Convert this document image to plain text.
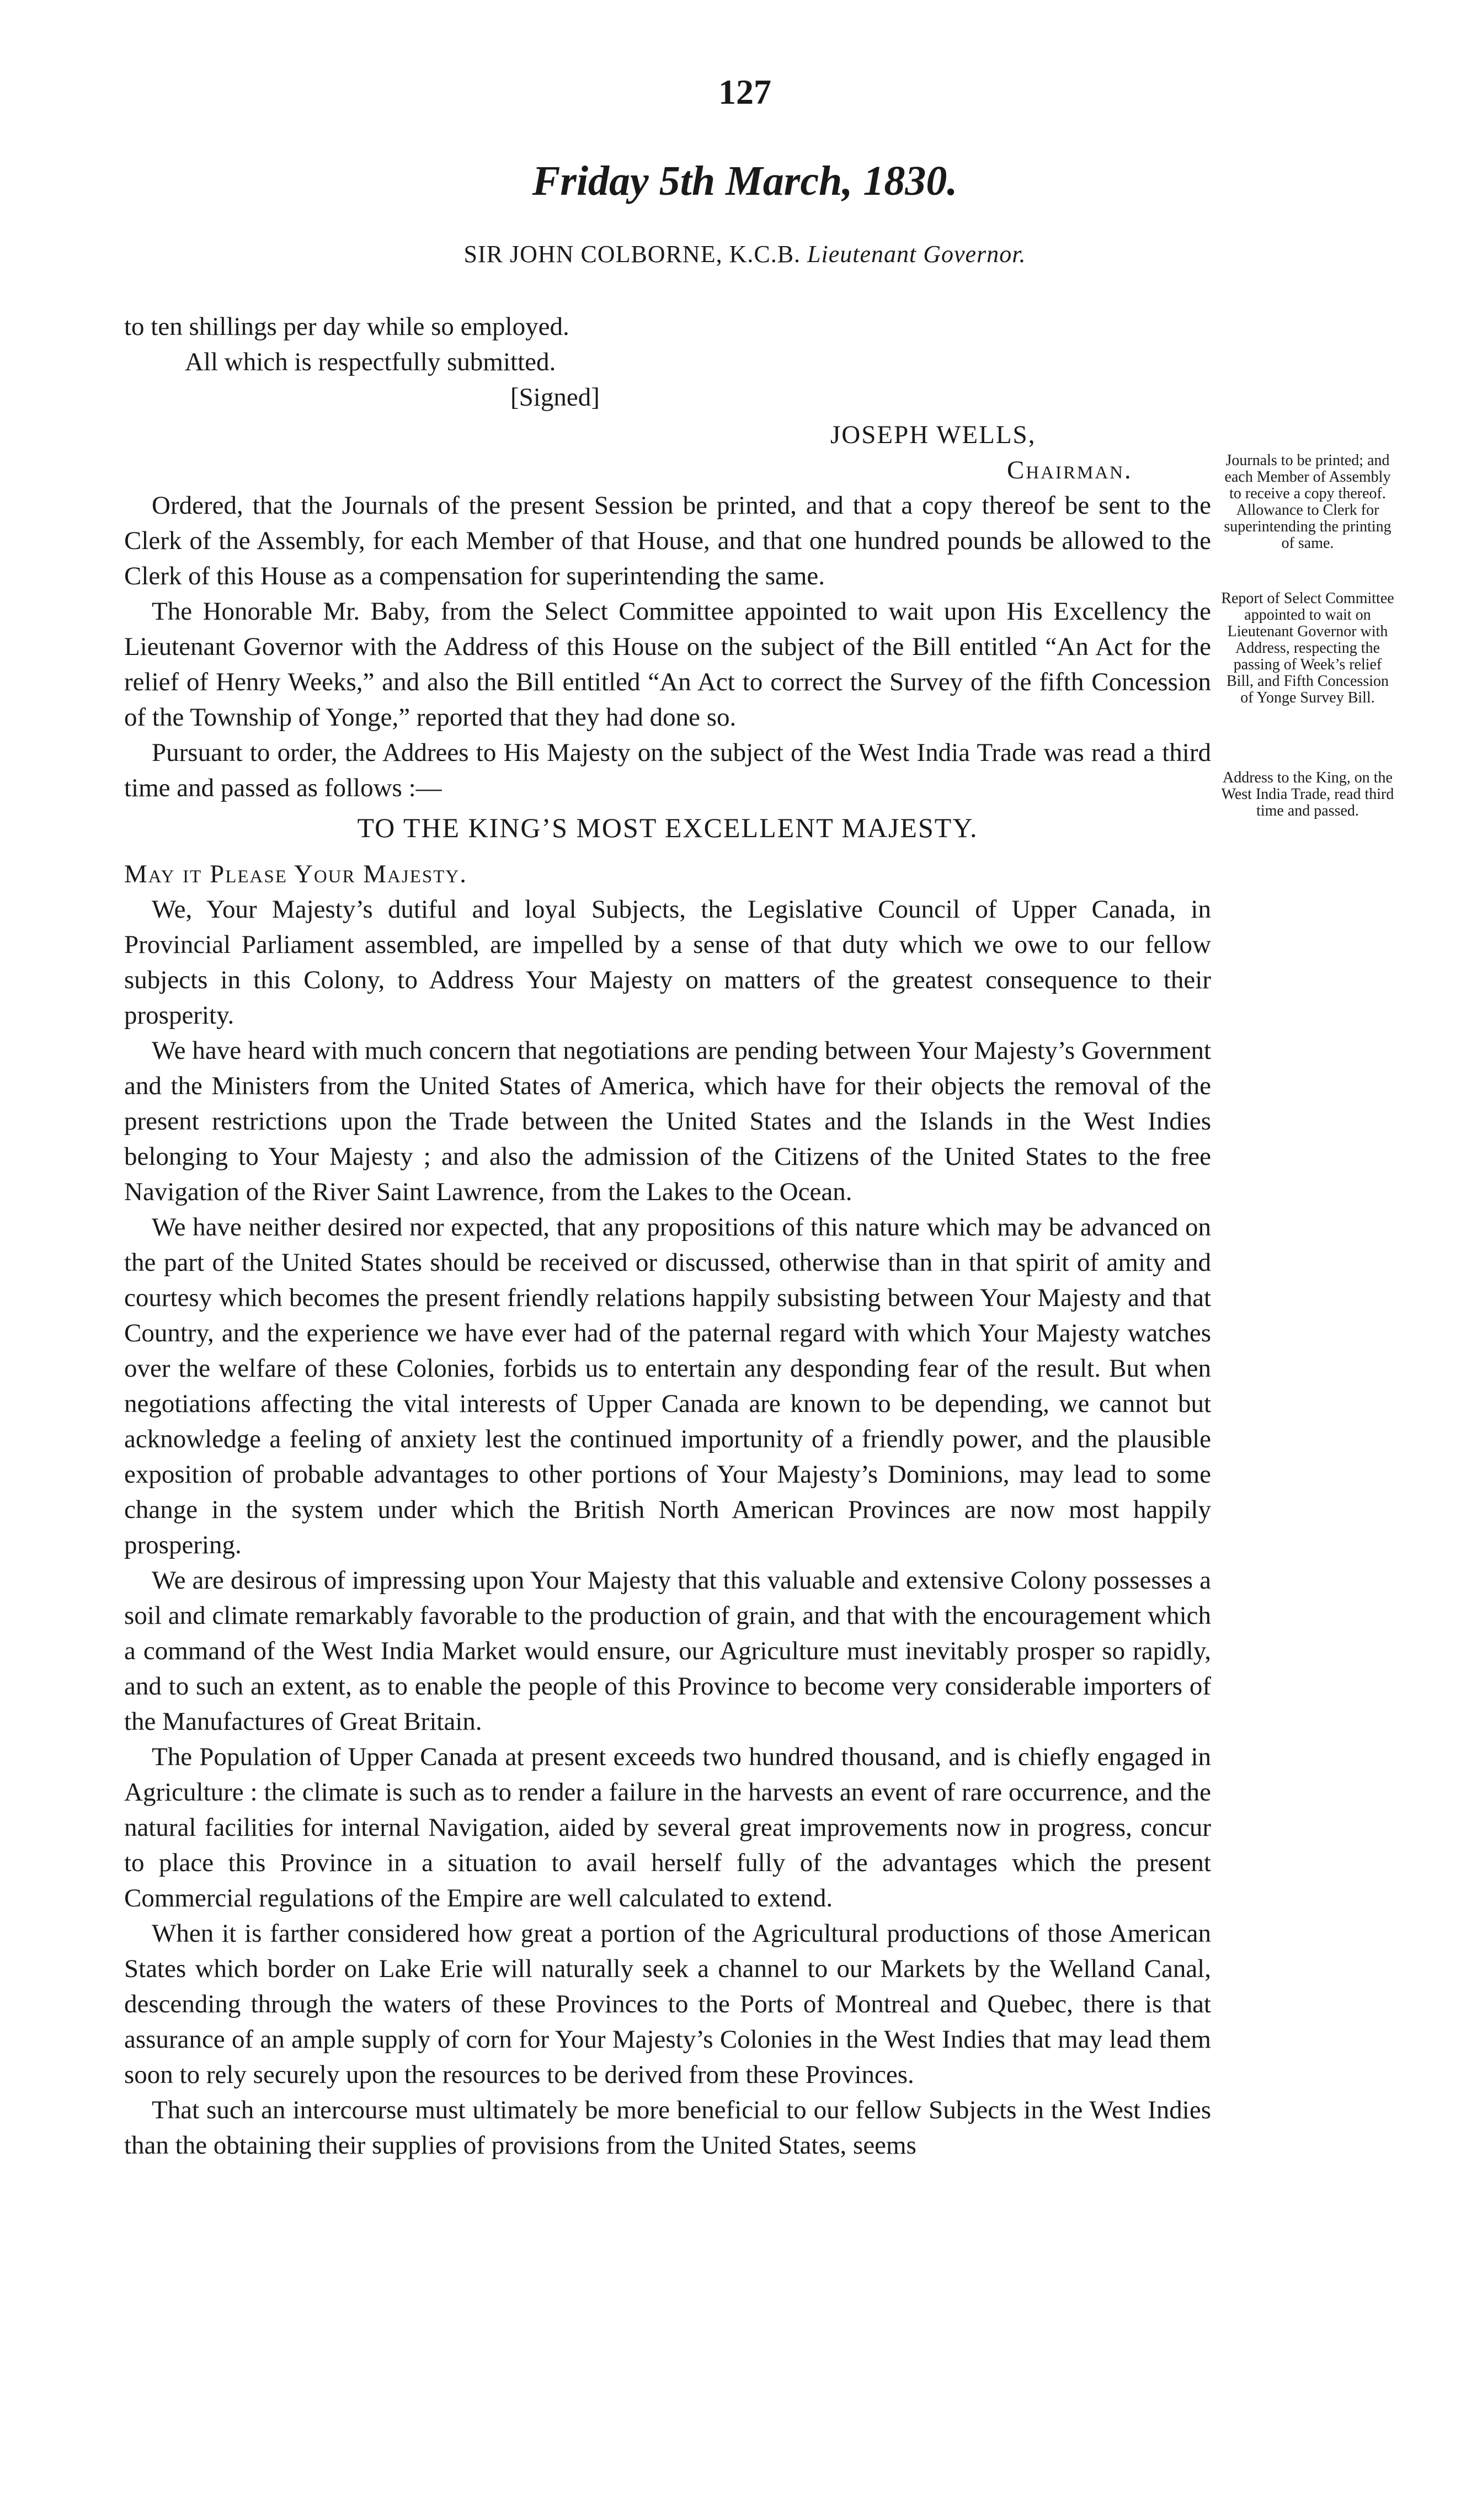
127
Friday 5th March, 1830.
SIR JOHN COLBORNE, K.C.B. Lieutenant Governor.
to ten shillings per day while so employed.
All which is respectfully submitted.
[Signed]
JOSEPH WELLS,
Chairman.

Ordered, that the Journals of the present Session be printed, and that a copy thereof be sent to the Clerk of the Assembly, for each Member of that House, and that one hundred pounds be allowed to the Clerk of this House as a compensation for superintending the same.

The Honorable Mr. Baby, from the Select Committee appointed to wait upon His Excellency the Lieutenant Governor with the Address of this House on the subject of the Bill entitled “An Act for the relief of Henry Weeks,” and also the Bill entitled “An Act to correct the Survey of the fifth Concession of the Township of Yonge,” reported that they had done so.

Pursuant to order, the Addrees to His Majesty on the subject of the West India Trade was read a third time and passed as follows :—

TO THE KING’S MOST EXCELLENT MAJESTY.

May it Please Your Majesty.

We, Your Majesty’s dutiful and loyal Subjects, the Legislative Council of Upper Canada, in Provincial Parliament assembled, are impelled by a sense of that duty which we owe to our fellow subjects in this Colony, to Address Your Majesty on matters of the greatest consequence to their prosperity.

We have heard with much concern that negotiations are pending between Your Majesty’s Government and the Ministers from the United States of America, which have for their objects the removal of the present restrictions upon the Trade between the United States and the Islands in the West Indies belonging to Your Majesty ; and also the admission of the Citizens of the United States to the free Navigation of the River Saint Lawrence, from the Lakes to the Ocean.

We have neither desired nor expected, that any propositions of this nature which may be advanced on the part of the United States should be received or discussed, otherwise than in that spirit of amity and courtesy which becomes the present friendly relations happily subsisting between Your Majesty and that Country, and the experience we have ever had of the paternal regard with which Your Majesty watches over the welfare of these Colonies, forbids us to entertain any desponding fear of the result. But when negotiations affecting the vital interests of Upper Canada are known to be depending, we cannot but acknowledge a feeling of anxiety lest the continued importunity of a friendly power, and the plausible exposition of probable advantages to other portions of Your Majesty’s Dominions, may lead to some change in the system under which the British North American Provinces are now most happily prospering.

We are desirous of impressing upon Your Majesty that this valuable and extensive Colony possesses a soil and climate remarkably favorable to the production of grain, and that with the encouragement which a command of the West India Market would ensure, our Agriculture must inevitably prosper so rapidly, and to such an extent, as to enable the people of this Province to become very considerable importers of the Manufactures of Great Britain.

The Population of Upper Canada at present exceeds two hundred thousand, and is chiefly engaged in Agriculture : the climate is such as to render a failure in the harvests an event of rare occurrence, and the natural facilities for internal Navigation, aided by several great improvements now in progress, concur to place this Province in a situation to avail herself fully of the advantages which the present Commercial regulations of the Empire are well calculated to extend.

When it is farther considered how great a portion of the Agricultural productions of those American States which border on Lake Erie will naturally seek a channel to our Markets by the Welland Canal, descending through the waters of these Provinces to the Ports of Montreal and Quebec, there is that assurance of an ample supply of corn for Your Majesty’s Colonies in the West Indies that may lead them soon to rely securely upon the resources to be derived from these Provinces.

That such an intercourse must ultimately be more beneficial to our fellow Subjects in the West Indies than the obtaining their supplies of provisions from the United States, seems

Journals to be printed; and each Member of Assembly to receive a copy thereof. Allowance to Clerk for superintending the printing of same.
Report of Select Committee appointed to wait on Lieutenant Governor with Address, respecting the passing of Week’s relief Bill, and Fifth Concession of Yonge Survey Bill.
Address to the King, on the West India Trade, read third time and passed.
